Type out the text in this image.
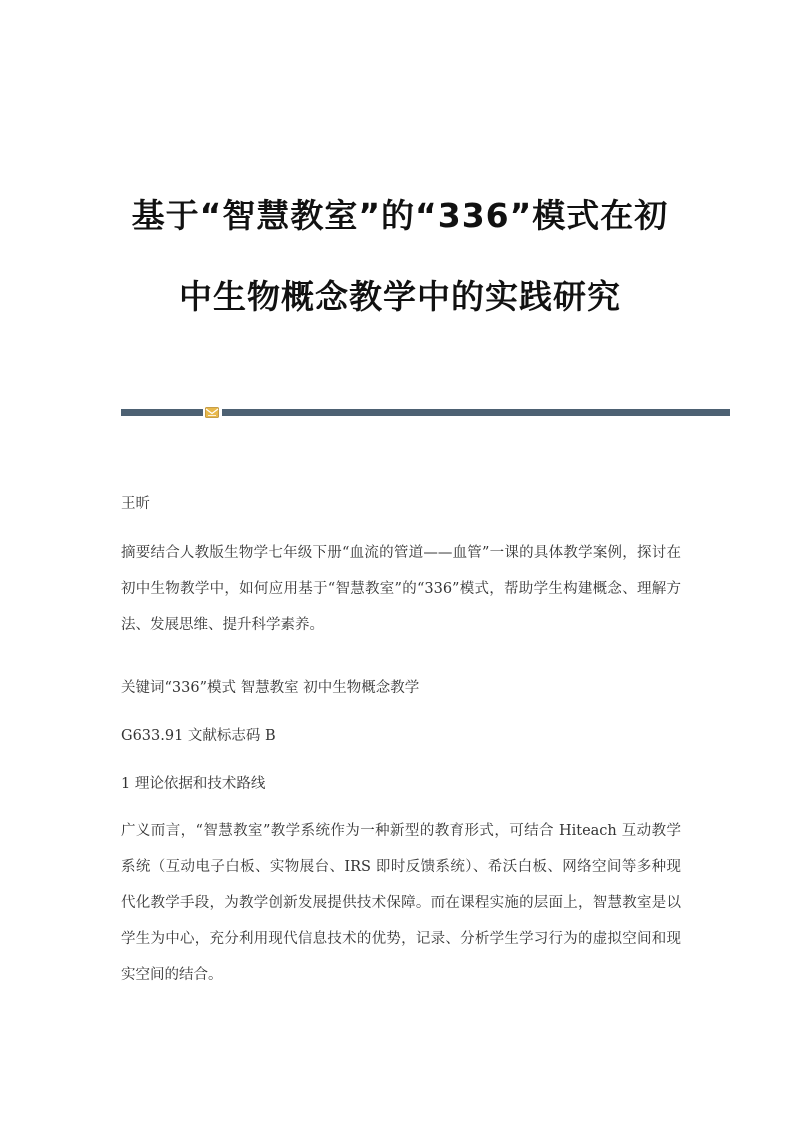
基于“智慧教室”的“336”模式在初
中生物概念教学中的实践研究
王昕
摘要结合人教版生物学七年级下册“血流的管道——血管”一课的具体教学案例，探讨在初中生物教学中，如何应用基于“智慧教室”的“336”模式，帮助学生构建概念、理解方法、发展思维、提升科学素养。
关键词“336”模式 智慧教室 初中生物概念教学
G633.91 文献标志码 B
1 理论依据和技术路线
广义而言，“智慧教室”教学系统作为一种新型的教育形式，可结合 Hiteach 互动教学系统（互动电子白板、实物展台、IRS 即时反馈系统）、希沃白板、网络空间等多种现代化教学手段，为教学创新发展提供技术保障。而在课程实施的层面上，智慧教室是以学生为中心，充分利用现代信息技术的优势，记录、分析学生学习行为的虚拟空间和现实空间的结合。
